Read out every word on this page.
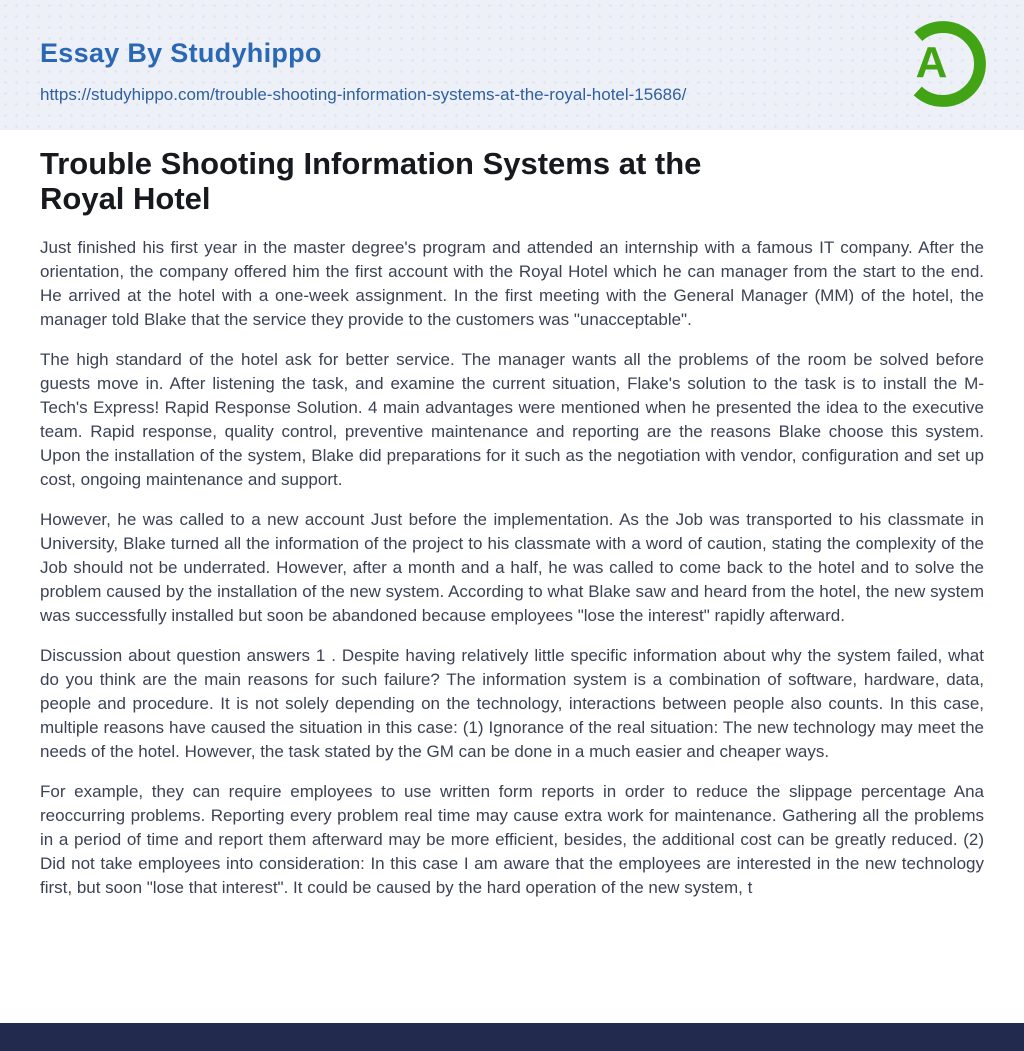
Essay By Studyhippo
https://studyhippo.com/trouble-shooting-information-systems-at-the-royal-hotel-15686/
A
Trouble Shooting Information Systems at the
Royal Hotel

Just finished his first year in the master degree's program and attended an internship with a famous IT company. After the orientation, the company offered him the first account with the Royal Hotel which he can manager from the start to the end. He arrived at the hotel with a one-week assignment. In the first meeting with the General Manager (MM) of the hotel, the manager told Blake that the service they provide to the customers was "unacceptable".

The high standard of the hotel ask for better service. The manager wants all the problems of the room be solved before guests move in. After listening the task, and examine the current situation, Flake's solution to the task is to install the M-Tech's Express! Rapid Response Solution. 4 main advantages were mentioned when he presented the idea to the executive team. Rapid response, quality control, preventive maintenance and reporting are the reasons Blake choose this system. Upon the installation of the system, Blake did preparations for it such as the negotiation with vendor, configuration and set up cost, ongoing maintenance and support.

However, he was called to a new account Just before the implementation. As the Job was transported to his classmate in University, Blake turned all the information of the project to his classmate with a word of caution, stating the complexity of the Job should not be underrated. However, after a month and a half, he was called to come back to the hotel and to solve the problem caused by the installation of the new system. According to what Blake saw and heard from the hotel, the new system was successfully installed but soon be abandoned because employees "lose the interest" rapidly afterward.

Discussion about question answers 1 . Despite having relatively little specific information about why the system failed, what do you think are the main reasons for such failure? The information system is a combination of software, hardware, data, people and procedure. It is not solely depending on the technology, interactions between people also counts. In this case, multiple reasons have caused the situation in this case: (1) Ignorance of the real situation: The new technology may meet the needs of the hotel. However, the task stated by the GM can be done in a much easier and cheaper ways.

For example, they can require employees to use written form reports in order to reduce the slippage percentage Ana reoccurring problems. Reporting every problem real time may cause extra work for maintenance. Gathering all the problems in a period of time and report them afterward may be more efficient, besides, the additional cost can be greatly reduced. (2) Did not take employees into consideration: In this case I am aware that the employees are interested in the new technology first, but soon "lose that interest". It could be caused by the hard operation of the new system, t
